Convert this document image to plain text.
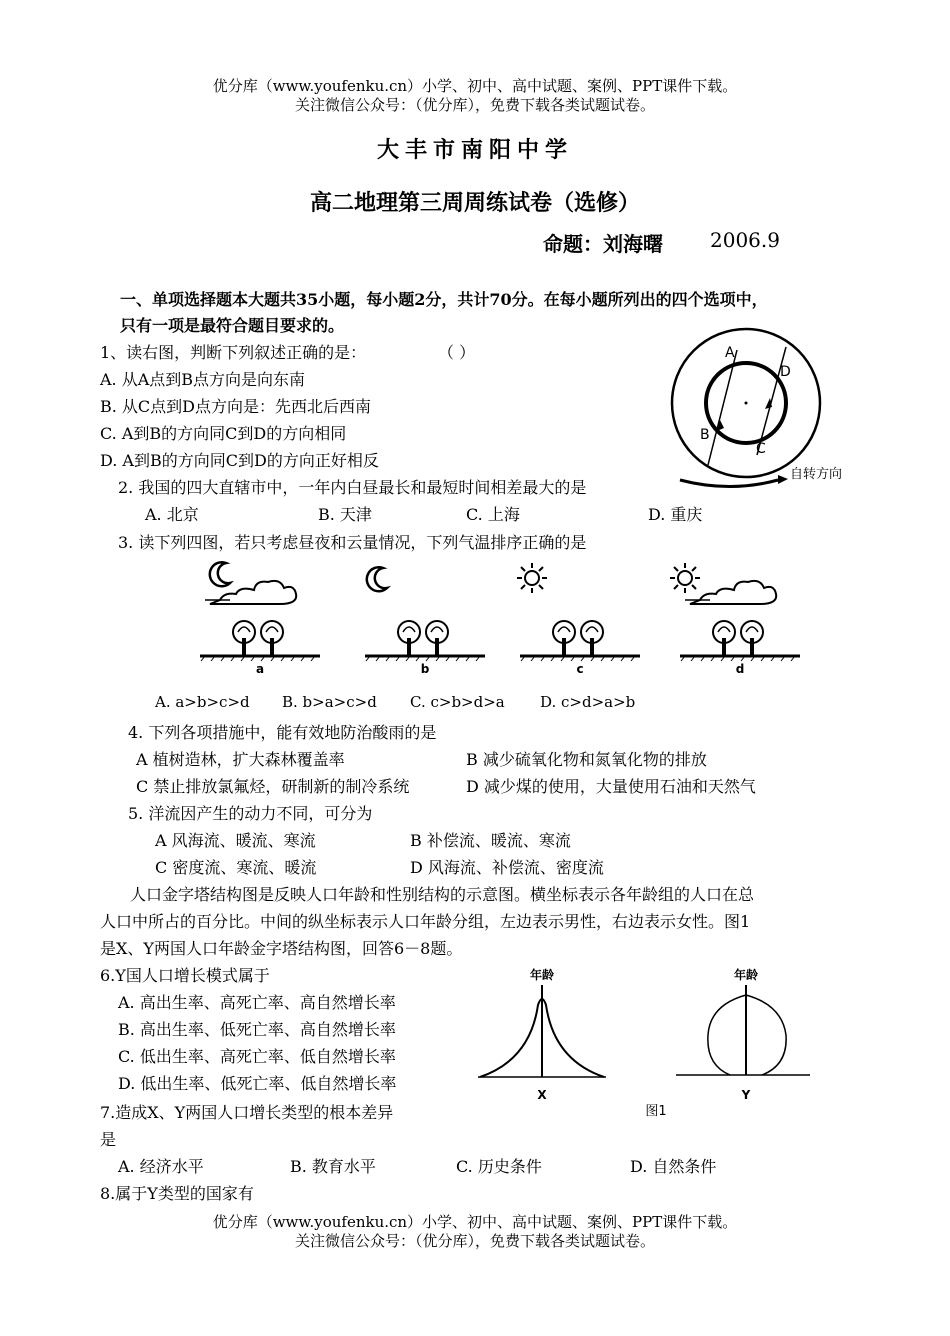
优分库（www.youfenku.cn）小学、初中、高中试题、案例、PPT课件下载。
关注微信公众号：（优分库），免费下载各类试题试卷。
大丰市南阳中学
高二地理第三周周练试卷（选修）
命题：刘海曙 2006.9
一、单项选择题本大题共35小题，每小题2分，共计70分。在每小题所列出的四个选项中，
只有一项是最符合题目要求的。
1、读右图，判断下列叙述正确的是：	（ ）
A. 从A点到B点方向是向东南
B. 从C点到D点方向是：先西北后西南
C. A到B的方向同C到D的方向相同
D. A到B的方向同C到D的方向正好相反
A
B
C
D
自转方向
2. 我国的四大直辖市中，一年内白昼最长和最短时间相差最大的是
A. 北京	B. 天津	C. 上海	D. 重庆
3. 读下列四图，若只考虑昼夜和云量情况，下列气温排序正确的是
a	b	c	d
A. a>b>c>d B. b>a>c>d C. c>b>d>a D. c>d>a>b
4. 下列各项措施中，能有效地防治酸雨的是
A 植树造林，扩大森林覆盖率	B 减少硫氧化物和氮氧化物的排放
C 禁止排放氯氟烃，研制新的制冷系统	D 减少煤的使用，大量使用石油和天然气
5. 洋流因产生的动力不同，可分为
A 风海流、暖流、寒流	B 补偿流、暖流、寒流
C 密度流、寒流、暖流	D 风海流、补偿流、密度流
人口金字塔结构图是反映人口年龄和性别结构的示意图。横坐标表示各年龄组的人口在总
人口中所占的百分比。中间的纵坐标表示人口年龄分组，左边表示男性，右边表示女性。图1
是X、Y两国人口年龄金字塔结构图，回答6－8题。
6.Y国人口增长模式属于
A. 高出生率、高死亡率、高自然增长率
B. 高出生率、低死亡率、高自然增长率
C. 低出生率、高死亡率、低自然增长率
D. 低出生率、低死亡率、低自然增长率
年龄
X
年龄
Y
图1
7.造成X、Y两国人口增长类型的根本差异
是
A. 经济水平	B. 教育水平	C. 历史条件	D. 自然条件
8.属于Y类型的国家有
优分库（www.youfenku.cn）小学、初中、高中试题、案例、PPT课件下载。
关注微信公众号：（优分库），免费下载各类试题试卷。
